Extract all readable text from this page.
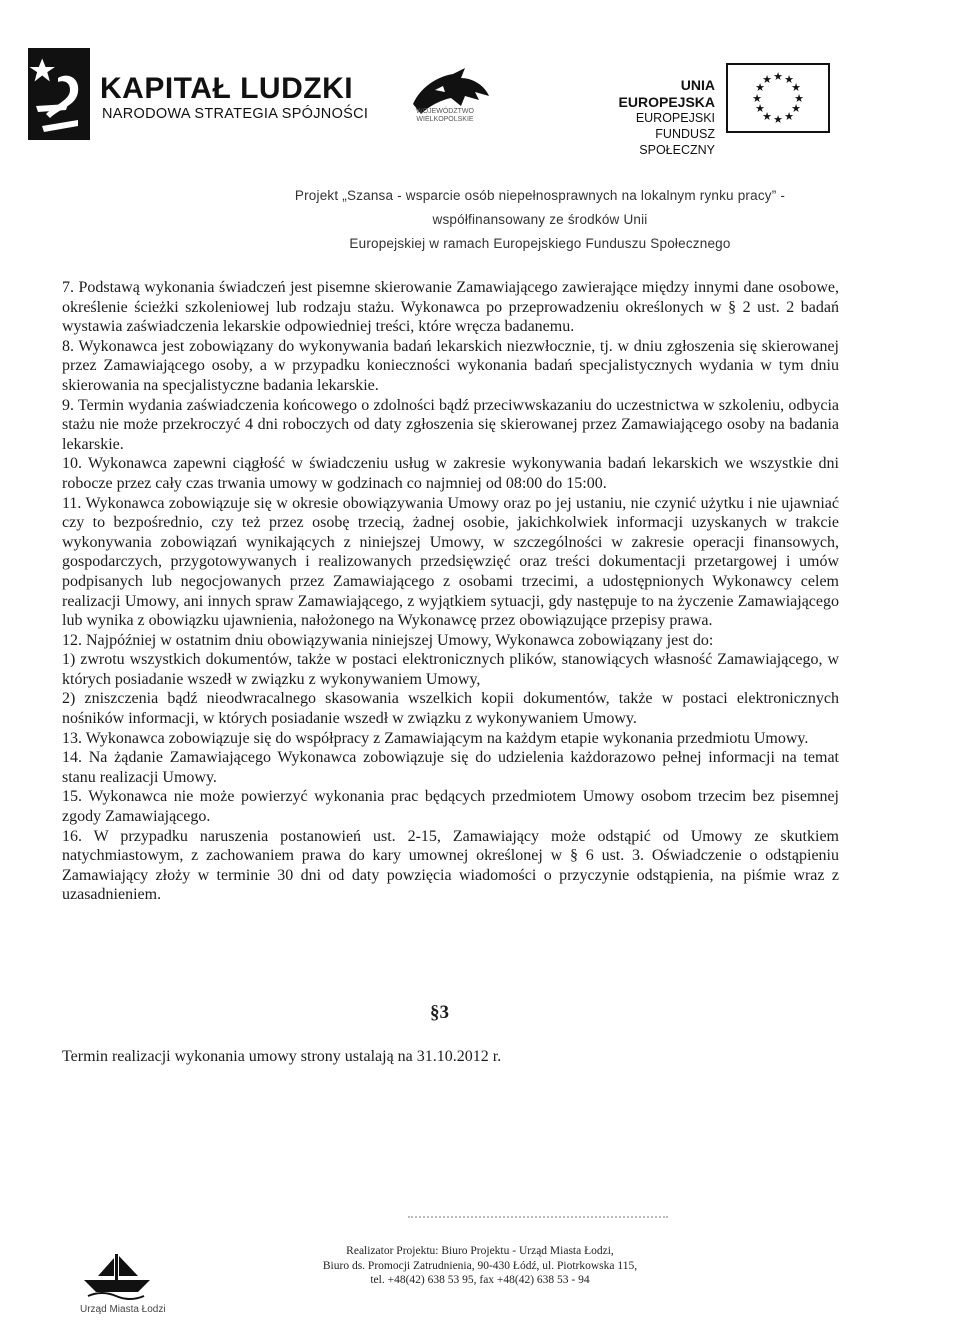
KAPITAŁ LUDZKI
NARODOWA STRATEGIA SPÓJNOŚCI	WOJEWÓDZTWO WIELKOPOLSKIE
UNIA EUROPEJSKA
EUROPEJSKI
FUNDUSZ SPOŁECZNY
★ ★
★
★
★
★
★
★
★
★
★
★
Projekt „Szansa - wsparcie osób niepełnosprawnych na lokalnym rynku pracy” - współfinansowany ze środków Unii
Europejskiej w ramach Europejskiego Funduszu Społecznego

7. Podstawą wykonania świadczeń jest pisemne skierowanie Zamawiającego zawierające między innymi dane osobowe, określenie ścieżki szkoleniowej lub rodzaju stażu. Wykonawca po przeprowadzeniu określonych w § 2 ust. 2 badań wystawia zaświadczenia lekarskie odpowiedniej treści, które wręcza badanemu.

8. Wykonawca jest zobowiązany do wykonywania badań lekarskich niezwłocznie, tj. w dniu zgłoszenia się skierowanej przez Zamawiającego osoby, a w przypadku konieczności wykonania badań specjalistycznych wydania w tym dniu skierowania na specjalistyczne badania lekarskie.

9. Termin wydania zaświadczenia końcowego o zdolności bądź przeciwwskazaniu do uczestnictwa w szkoleniu, odbycia stażu nie może przekroczyć 4 dni roboczych od daty zgłoszenia się skierowanej przez Zamawiającego osoby na badania lekarskie.

10. Wykonawca zapewni ciągłość w świadczeniu usług w zakresie wykonywania badań lekarskich we wszystkie dni robocze przez cały czas trwania umowy w godzinach co najmniej od 08:00 do 15:00.

11. Wykonawca zobowiązuje się w okresie obowiązywania Umowy oraz po jej ustaniu, nie czynić użytku i nie ujawniać czy to bezpośrednio, czy też przez osobę trzecią, żadnej osobie, jakichkolwiek informacji uzyskanych w trakcie wykonywania zobowiązań wynikających z niniejszej Umowy, w szczególności w zakresie operacji finansowych, gospodarczych, przygotowywanych i realizowanych przedsięwzięć oraz treści dokumentacji przetargowej i umów podpisanych lub negocjowanych przez Zamawiającego z osobami trzecimi, a udostępnionych Wykonawcy celem realizacji Umowy, ani innych spraw Zamawiającego, z wyjątkiem sytuacji, gdy następuje to na życzenie Zamawiającego lub wynika z obowiązku ujawnienia, nałożonego na Wykonawcę przez obowiązujące przepisy prawa.

12. Najpóźniej w ostatnim dniu obowiązywania niniejszej Umowy, Wykonawca zobowiązany jest do:

1) zwrotu wszystkich dokumentów, także w postaci elektronicznych plików, stanowiących własność Zamawiającego, w których posiadanie wszedł w związku z wykonywaniem Umowy,

2) zniszczenia bądź nieodwracalnego skasowania wszelkich kopii dokumentów, także w postaci elektronicznych nośników informacji, w których posiadanie wszedł w związku z wykonywaniem Umowy.

13. Wykonawca zobowiązuje się do współpracy z Zamawiającym na każdym etapie wykonania przedmiotu Umowy.

14. Na żądanie Zamawiającego Wykonawca zobowiązuje się do udzielenia każdorazowo pełnej informacji na temat stanu realizacji Umowy.

15. Wykonawca nie może powierzyć wykonania prac będących przedmiotem Umowy osobom trzecim bez pisemnej zgody Zamawiającego.

16. W przypadku naruszenia postanowień ust. 2-15, Zamawiający może odstąpić od Umowy ze skutkiem natychmiastowym, z zachowaniem prawa do kary umownej określonej w § 6 ust. 3. Oświadczenie o odstąpieniu Zamawiający złoży w terminie 30 dni od daty powzięcia wiadomości o przyczynie odstąpienia, na piśmie wraz z uzasadnieniem.

§3
Termin realizacji wykonania umowy strony ustalają na 31.10.2012 r.
Urząd Miasta Łodzi
Realizator Projektu: Biuro Projektu - Urząd Miasta Łodzi,
Biuro ds. Promocji Zatrudnienia, 90-430 Łódź, ul. Piotrkowska 115,
tel. +48(42) 638 53 95, fax +48(42) 638 53 - 94
